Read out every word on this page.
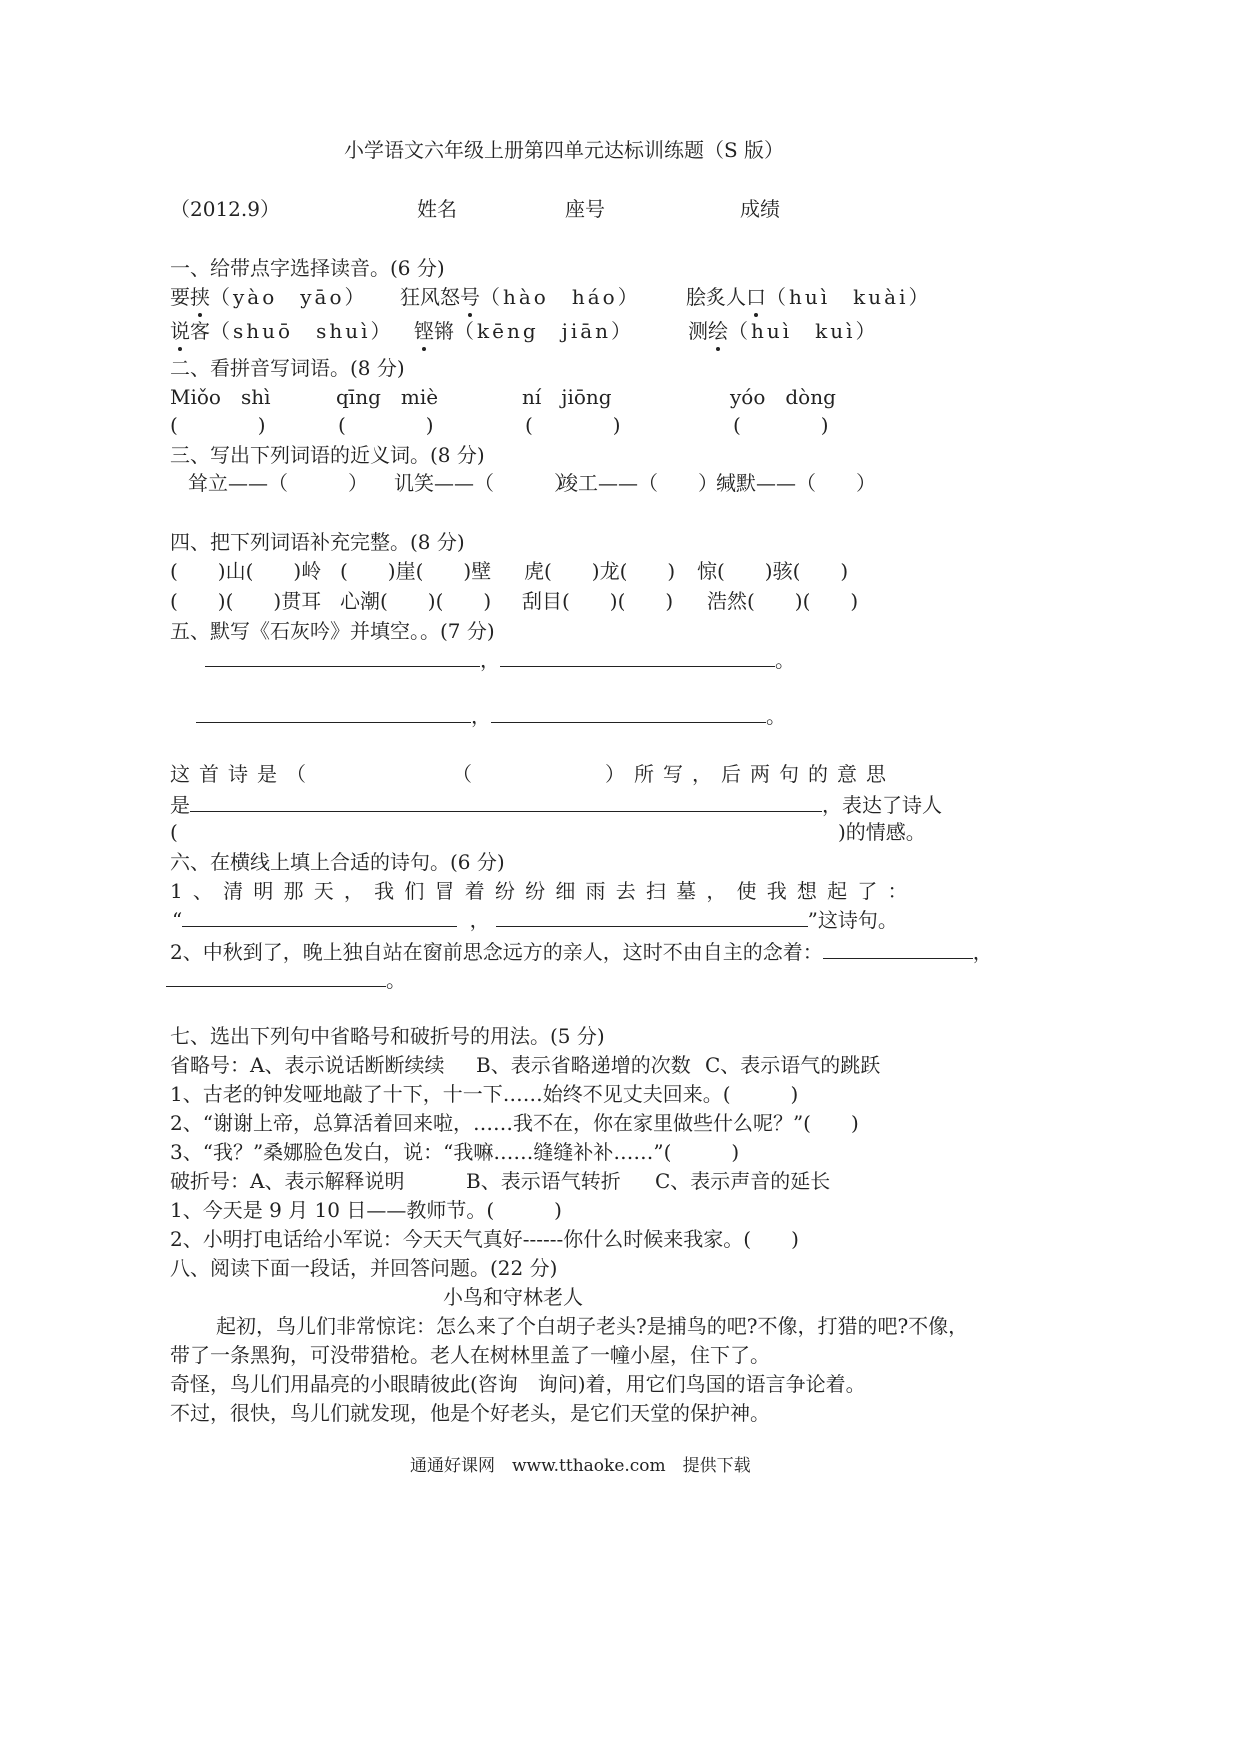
小学语文六年级上册第四单元达标训练题（S 版）
（2012.9）	姓名	座号	成绩
一、给带点字选择读音。(6 分)
要挟（yào　yāo） 狂风怒号（hào　háo） 脍炙人口（huì　kuài）
说客（shuō　shuì） 铿锵（kēng　jiān）	测绘（huì　kuì）
二、看拼音写词语。(8 分)
Miǒo　shì	qīng　miè	ní　jiōng	yóo　dòng
(　　　　)	(　　　　)	(　　　　)	(　　　　)
三、写出下列词语的近义词。(8 分)
耸立——（　　　） 讥笑——（　　　）
竣工——（　　）
缄默——（　　）
四、把下列词语补充完整。(8 分)
(　　)山(　　)岭 (　　)崖(　　)壁 虎(　　)龙(　　) 惊(　　)骇(　　)
(　　)(　　)贯耳 心潮(　　)(　　) 刮目(　　)(　　) 浩然(　　)(　　)
五、默写《石灰吟》并填空。。(7 分)
，	。
，	。
这首诗是（	（	）所写，后两句的意思
是	，表达了诗人
(	)的情感。
六、在横线上填上合适的诗句。(6 分)
1、清明那天，我们冒着纷纷细雨去扫墓，使我想起了：
“	，	”这诗句。
2、中秋到了，晚上独自站在窗前思念远方的亲人，这时不由自主的念着：	，
。
七、选出下列句中省略号和破折号的用法。(5 分)
省略号：A、表示说话断断续续 B、表示省略递增的次数 C、表示语气的跳跃
1、古老的钟发哑地敲了十下，十一下……始终不见丈夫回来。(　　　)
2、“谢谢上帝，总算活着回来啦，……我不在，你在家里做些什么呢？”(　　)
3、“我？”桑娜脸色发白，说：“我嘛……缝缝补补……”(　　　)
破折号：A、表示解释说明	B、表示语气转折 C、表示声音的延长
1、今天是 9 月 10 日——教师节。(　　　)
2、小明打电话给小军说：今天天气真好------你什么时候来我家。(　　)
八、阅读下面一段话，并回答问题。(22 分)
小鸟和守林老人
起初，鸟儿们非常惊诧：怎么来了个白胡子老头?是捕鸟的吧?不像，打猎的吧?不像，
带了一条黑狗，可没带猎枪。老人在树林里盖了一幢小屋，住下了。
奇怪，鸟儿们用晶亮的小眼睛彼此(咨询　询问)着，用它们鸟国的语言争论着。
不过，很快，鸟儿们就发现，他是个好老头，是它们天堂的保护神。
通通好课网　www.tthaoke.com　提供下载
